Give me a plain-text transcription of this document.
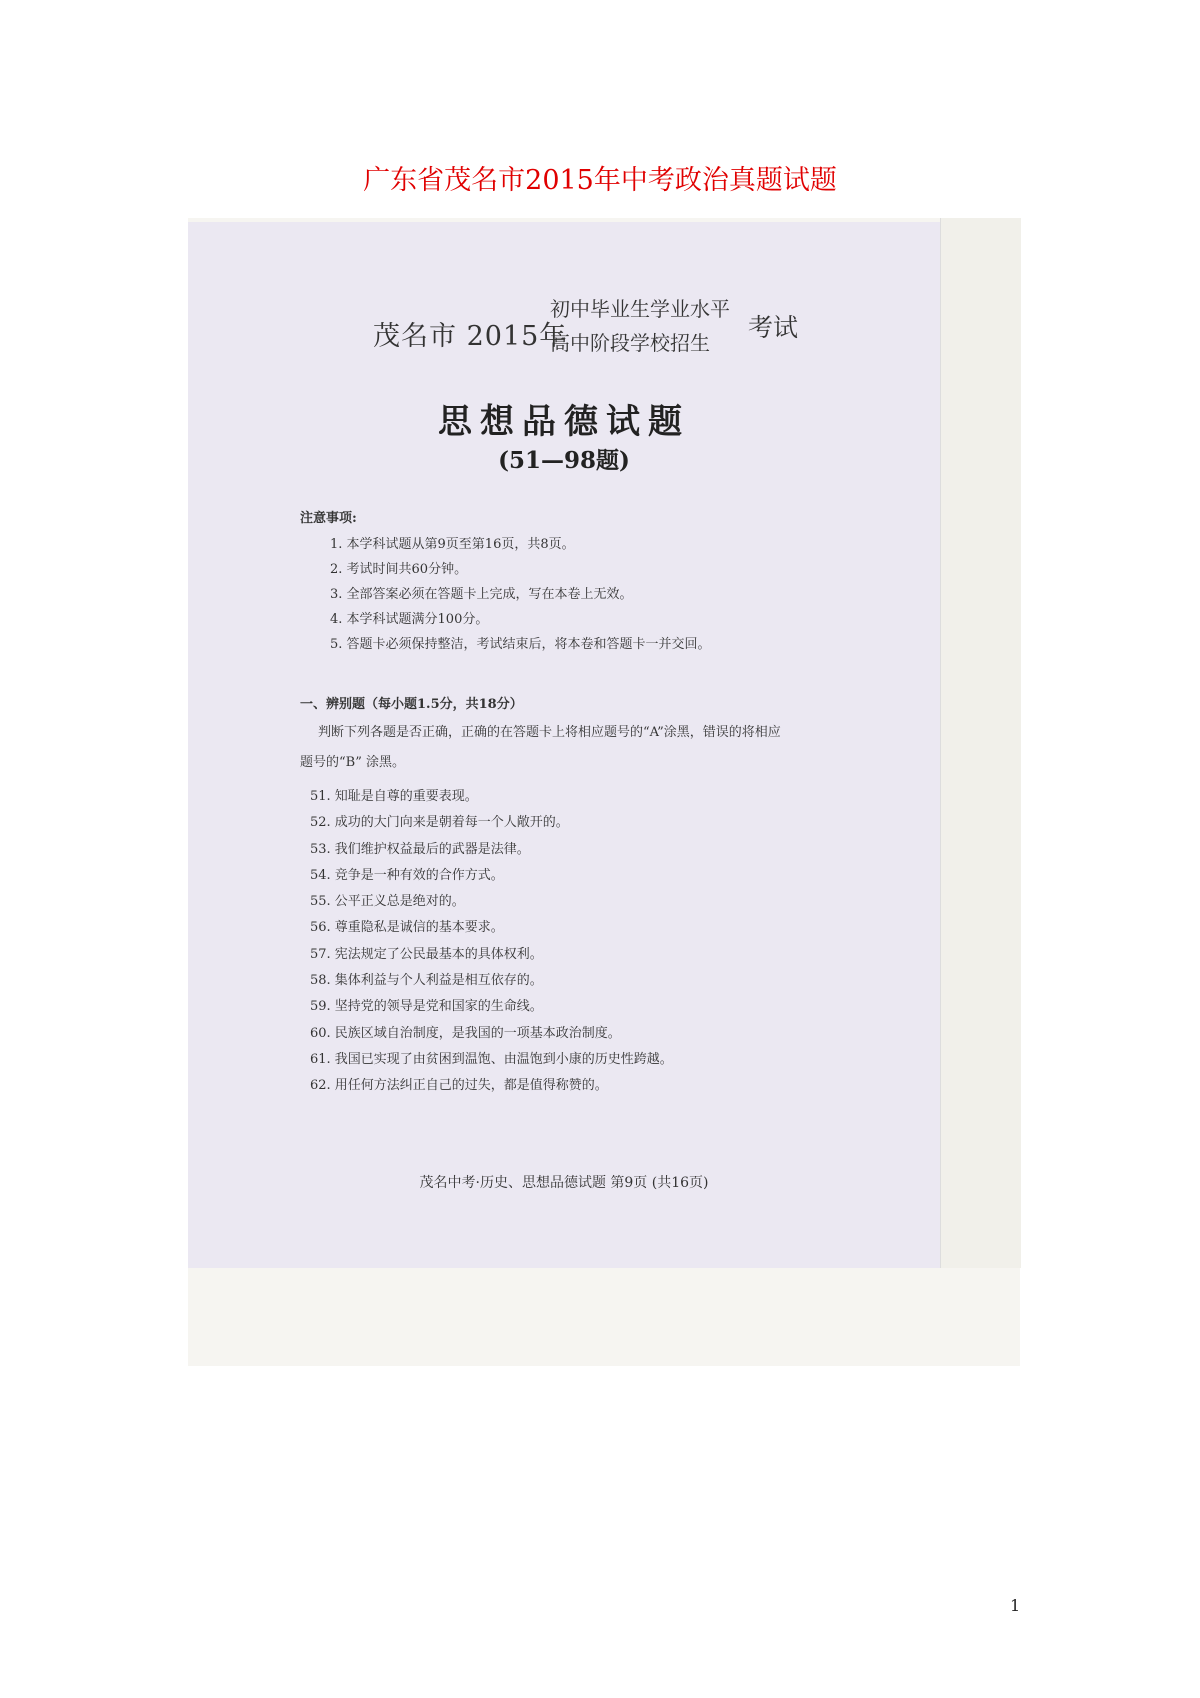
广东省茂名市2015年中考政治真题试题
茂名市 2015年
初中毕业生学业水平
高中阶段学校招生
考试
思想品德试题
(51—98题)
注意事项:
1. 本学科试题从第9页至第16页，共8页。
2. 考试时间共60分钟。
3. 全部答案必须在答题卡上完成，写在本卷上无效。
4. 本学科试题满分100分。
5. 答题卡必须保持整洁，考试结束后，将本卷和答题卡一并交回。
一、辨别题（每小题1.5分，共18分）
判断下列各题是否正确，正确的在答题卡上将相应题号的“A”涂黑，错误的将相应
题号的“B” 涂黑。
51. 知耻是自尊的重要表现。
52. 成功的大门向来是朝着每一个人敞开的。
53. 我们维护权益最后的武器是法律。
54. 竞争是一种有效的合作方式。
55. 公平正义总是绝对的。
56. 尊重隐私是诚信的基本要求。
57. 宪法规定了公民最基本的具体权利。
58. 集体利益与个人利益是相互依存的。
59. 坚持党的领导是党和国家的生命线。
60. 民族区域自治制度，是我国的一项基本政治制度。
61. 我国已实现了由贫困到温饱、由温饱到小康的历史性跨越。
62. 用任何方法纠正自己的过失，都是值得称赞的。
茂名中考·历史、思想品德试题 第9页 (共16页)
1
